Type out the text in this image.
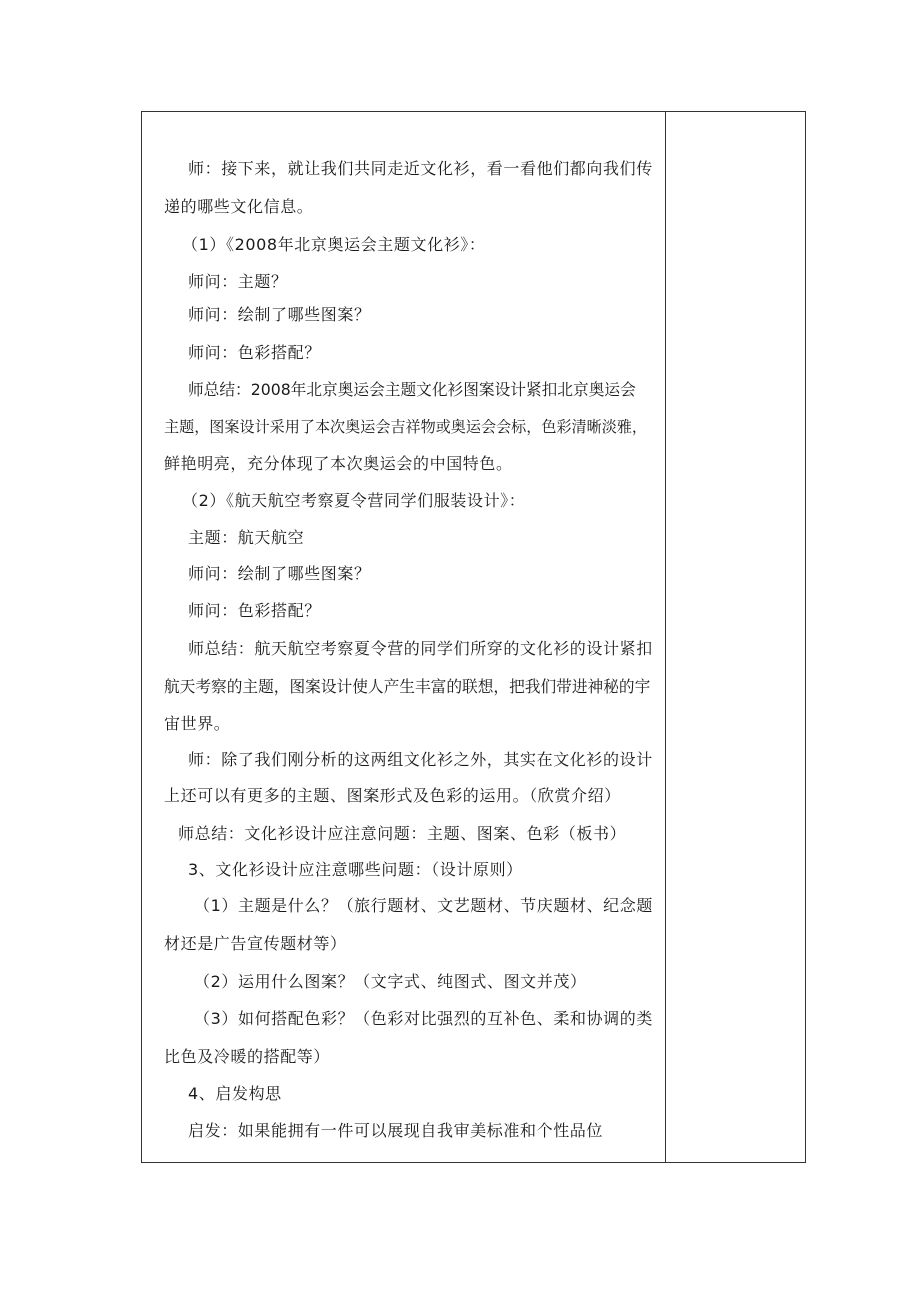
师：接下来，就让我们共同走近文化衫，看一看他们都向我们传
递的哪些文化信息。
（1）《2008年北京奥运会主题文化衫》：
师问：主题？
师问：绘制了哪些图案？
师问：色彩搭配？
师总结：2008年北京奥运会主题文化衫图案设计紧扣北京奥运会
主题，图案设计采用了本次奥运会吉祥物或奥运会会标，色彩清晰淡雅，
鲜艳明亮，充分体现了本次奥运会的中国特色。
（2）《航天航空考察夏令营同学们服装设计》：
主题：航天航空
师问：绘制了哪些图案？
师问：色彩搭配？
师总结：航天航空考察夏令营的同学们所穿的文化衫的设计紧扣
航天考察的主题，图案设计使人产生丰富的联想，把我们带进神秘的宇
宙世界。
师：除了我们刚分析的这两组文化衫之外，其实在文化衫的设计
上还可以有更多的主题、图案形式及色彩的运用。（欣赏介绍）
师总结：文化衫设计应注意问题：主题、图案、色彩（板书）
3、文化衫设计应注意哪些问题：（设计原则）
（1）主题是什么？（旅行题材、文艺题材、节庆题材、纪念题
材还是广告宣传题材等）
（2）运用什么图案？（文字式、纯图式、图文并茂）
（3）如何搭配色彩？（色彩对比强烈的互补色、柔和协调的类
比色及冷暖的搭配等）
4、启发构思
启发：如果能拥有一件可以展现自我审美标准和个性品位
